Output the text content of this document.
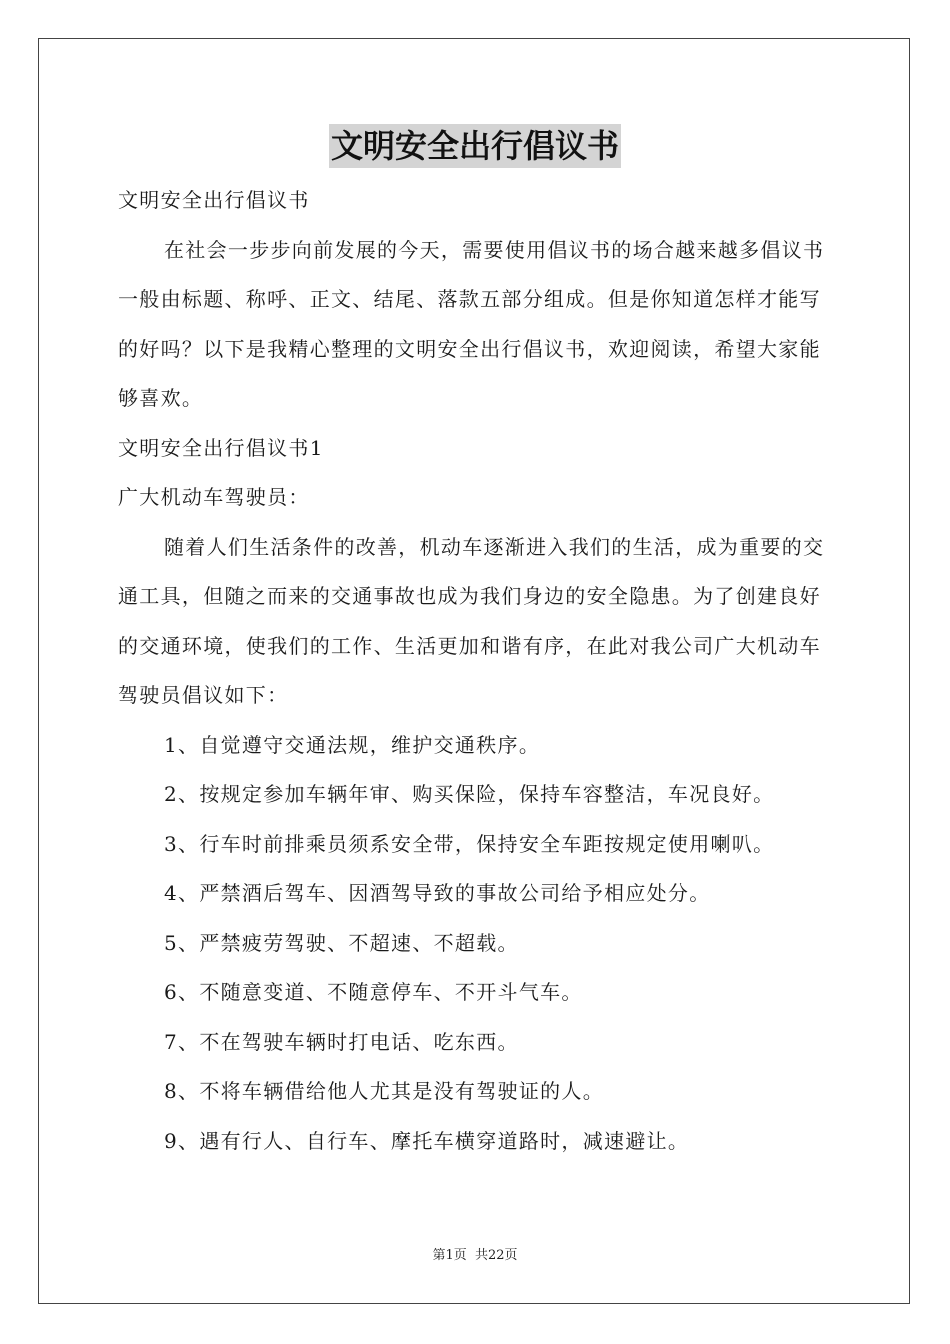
文明安全出行倡议书

文明安全出行倡议书

在社会一步步向前发展的今天，需要使用倡议书的场合越来越多倡议书一般由标题、称呼、正文、结尾、落款五部分组成。但是你知道怎样才能写的好吗？以下是我精心整理的文明安全出行倡议书，欢迎阅读，希望大家能够喜欢。

文明安全出行倡议书1

广大机动车驾驶员：

随着人们生活条件的改善，机动车逐渐进入我们的生活，成为重要的交通工具，但随之而来的交通事故也成为我们身边的安全隐患。为了创建良好的交通环境，使我们的工作、生活更加和谐有序，在此对我公司广大机动车驾驶员倡议如下：

1、自觉遵守交通法规，维护交通秩序。

2、按规定参加车辆年审、购买保险，保持车容整洁，车况良好。

3、行车时前排乘员须系安全带，保持安全车距按规定使用喇叭。

4、严禁酒后驾车、因酒驾导致的事故公司给予相应处分。

5、严禁疲劳驾驶、不超速、不超载。

6、不随意变道、不随意停车、不开斗气车。

7、不在驾驶车辆时打电话、吃东西。

8、不将车辆借给他人尤其是没有驾驶证的人。

9、遇有行人、自行车、摩托车横穿道路时，减速避让。

第1页 共22页
